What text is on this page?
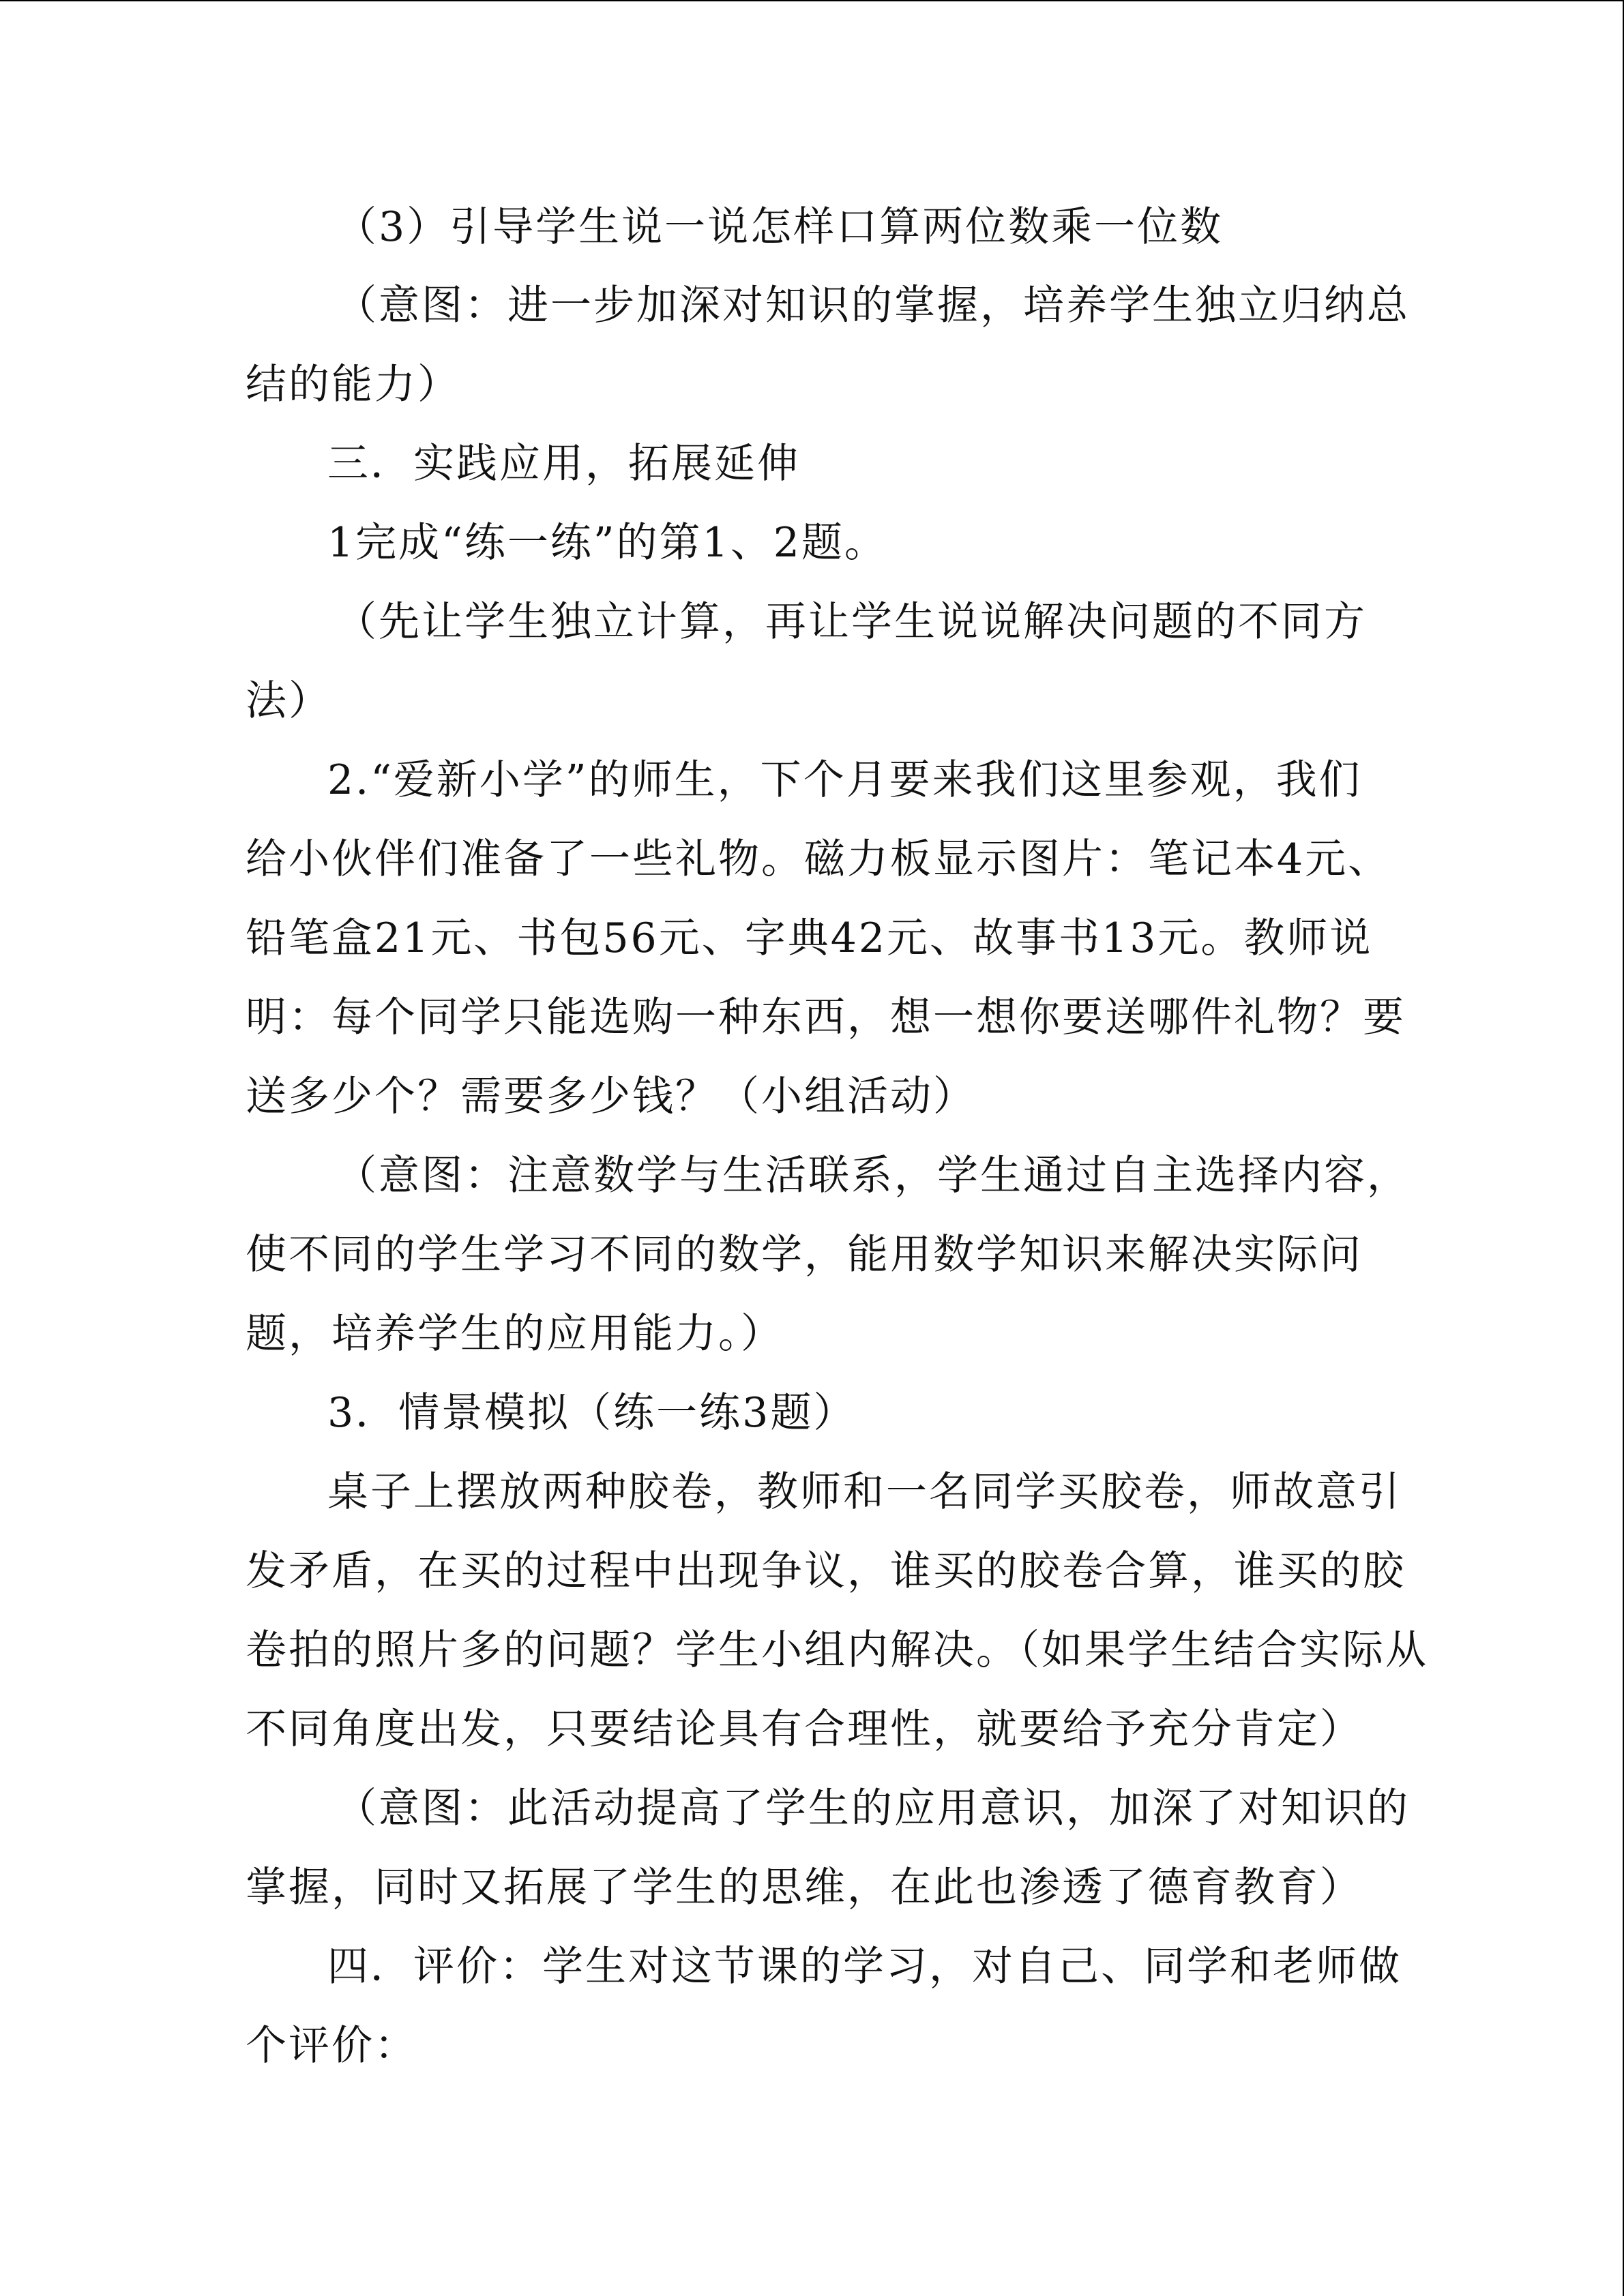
（3）引导学生说一说怎样口算两位数乘一位数
（意图：进一步加深对知识的掌握，培养学生独立归纳总
结的能力）
三．实践应用，拓展延伸
1完成“练一练”的第1、2题。
（先让学生独立计算，再让学生说说解决问题的不同方
法）
2.“爱新小学”的师生，下个月要来我们这里参观，我们
给小伙伴们准备了一些礼物。磁力板显示图片：笔记本4元、
铅笔盒21元、书包56元、字典42元、故事书13元。教师说
明：每个同学只能选购一种东西，想一想你要送哪件礼物？要
送多少个？需要多少钱？（小组活动）
（意图：注意数学与生活联系，学生通过自主选择内容，
使不同的学生学习不同的数学，能用数学知识来解决实际问
题，培养学生的应用能力。）
3．情景模拟（练一练3题）
桌子上摆放两种胶卷，教师和一名同学买胶卷，师故意引
发矛盾，在买的过程中出现争议，谁买的胶卷合算，谁买的胶
卷拍的照片多的问题？学生小组内解决。（如果学生结合实际从
不同角度出发，只要结论具有合理性，就要给予充分肯定）
（意图：此活动提高了学生的应用意识，加深了对知识的
掌握，同时又拓展了学生的思维，在此也渗透了德育教育）
四．评价：学生对这节课的学习，对自己、同学和老师做
个评价：
